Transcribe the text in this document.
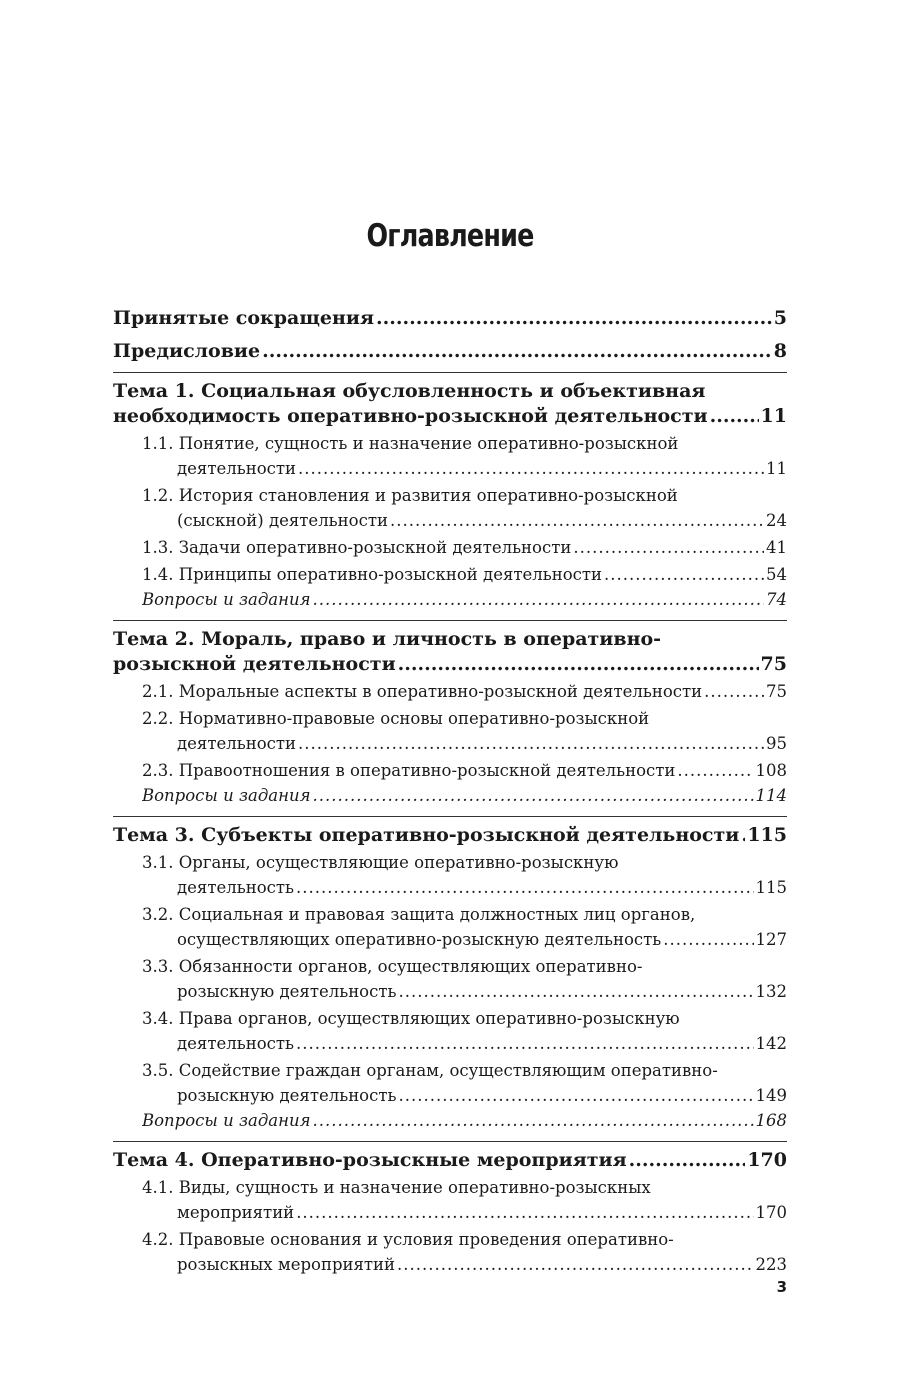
Оглавление
Принятые сокращения .....	5
Предисловие .....	8
Тема 1. Социальная обусловленность и объективная
необходимость оперативно-розыскной деятельности .....	11
1.1. Понятие, сущность и назначение оперативно-розыскной
деятельности .....	11
1.2. История становления и развития оперативно-розыскной
(сыскной) деятельности .....	24
1.3. Задачи оперативно-розыскной деятельности .....	41
1.4. Принципы оперативно-розыскной деятельности .....	54
Вопросы и задания .....	74
Тема 2. Мораль, право и личность в оперативно-
розыскной деятельности .....	75
2.1. Моральные аспекты в оперативно-розыскной деятельности .....	75
2.2. Нормативно-правовые основы оперативно-розыскной
деятельности .....	95
2.3. Правоотношения в оперативно-розыскной деятельности .....	108
Вопросы и задания .....	114
Тема 3. Субъекты оперативно-розыскной деятельности ..... 115
3.1. Органы, осуществляющие оперативно-розыскную
деятельность .....	115
3.2. Социальная и правовая защита должностных лиц органов,
осуществляющих оперативно-розыскную деятельность .....	127
3.3. Обязанности органов, осуществляющих оперативно-
розыскную деятельность .....	132
3.4. Права органов, осуществляющих оперативно-розыскную
деятельность .....	142
3.5. Содействие граждан органам, осуществляющим оперативно-
розыскную деятельность .....	149
Вопросы и задания .....	168
Тема 4. Оперативно-розыскные мероприятия .....	170
4.1. Виды, сущность и назначение оперативно-розыскных
мероприятий .....	170
4.2. Правовые основания и условия проведения оперативно-
розыскных мероприятий .....	223
3
